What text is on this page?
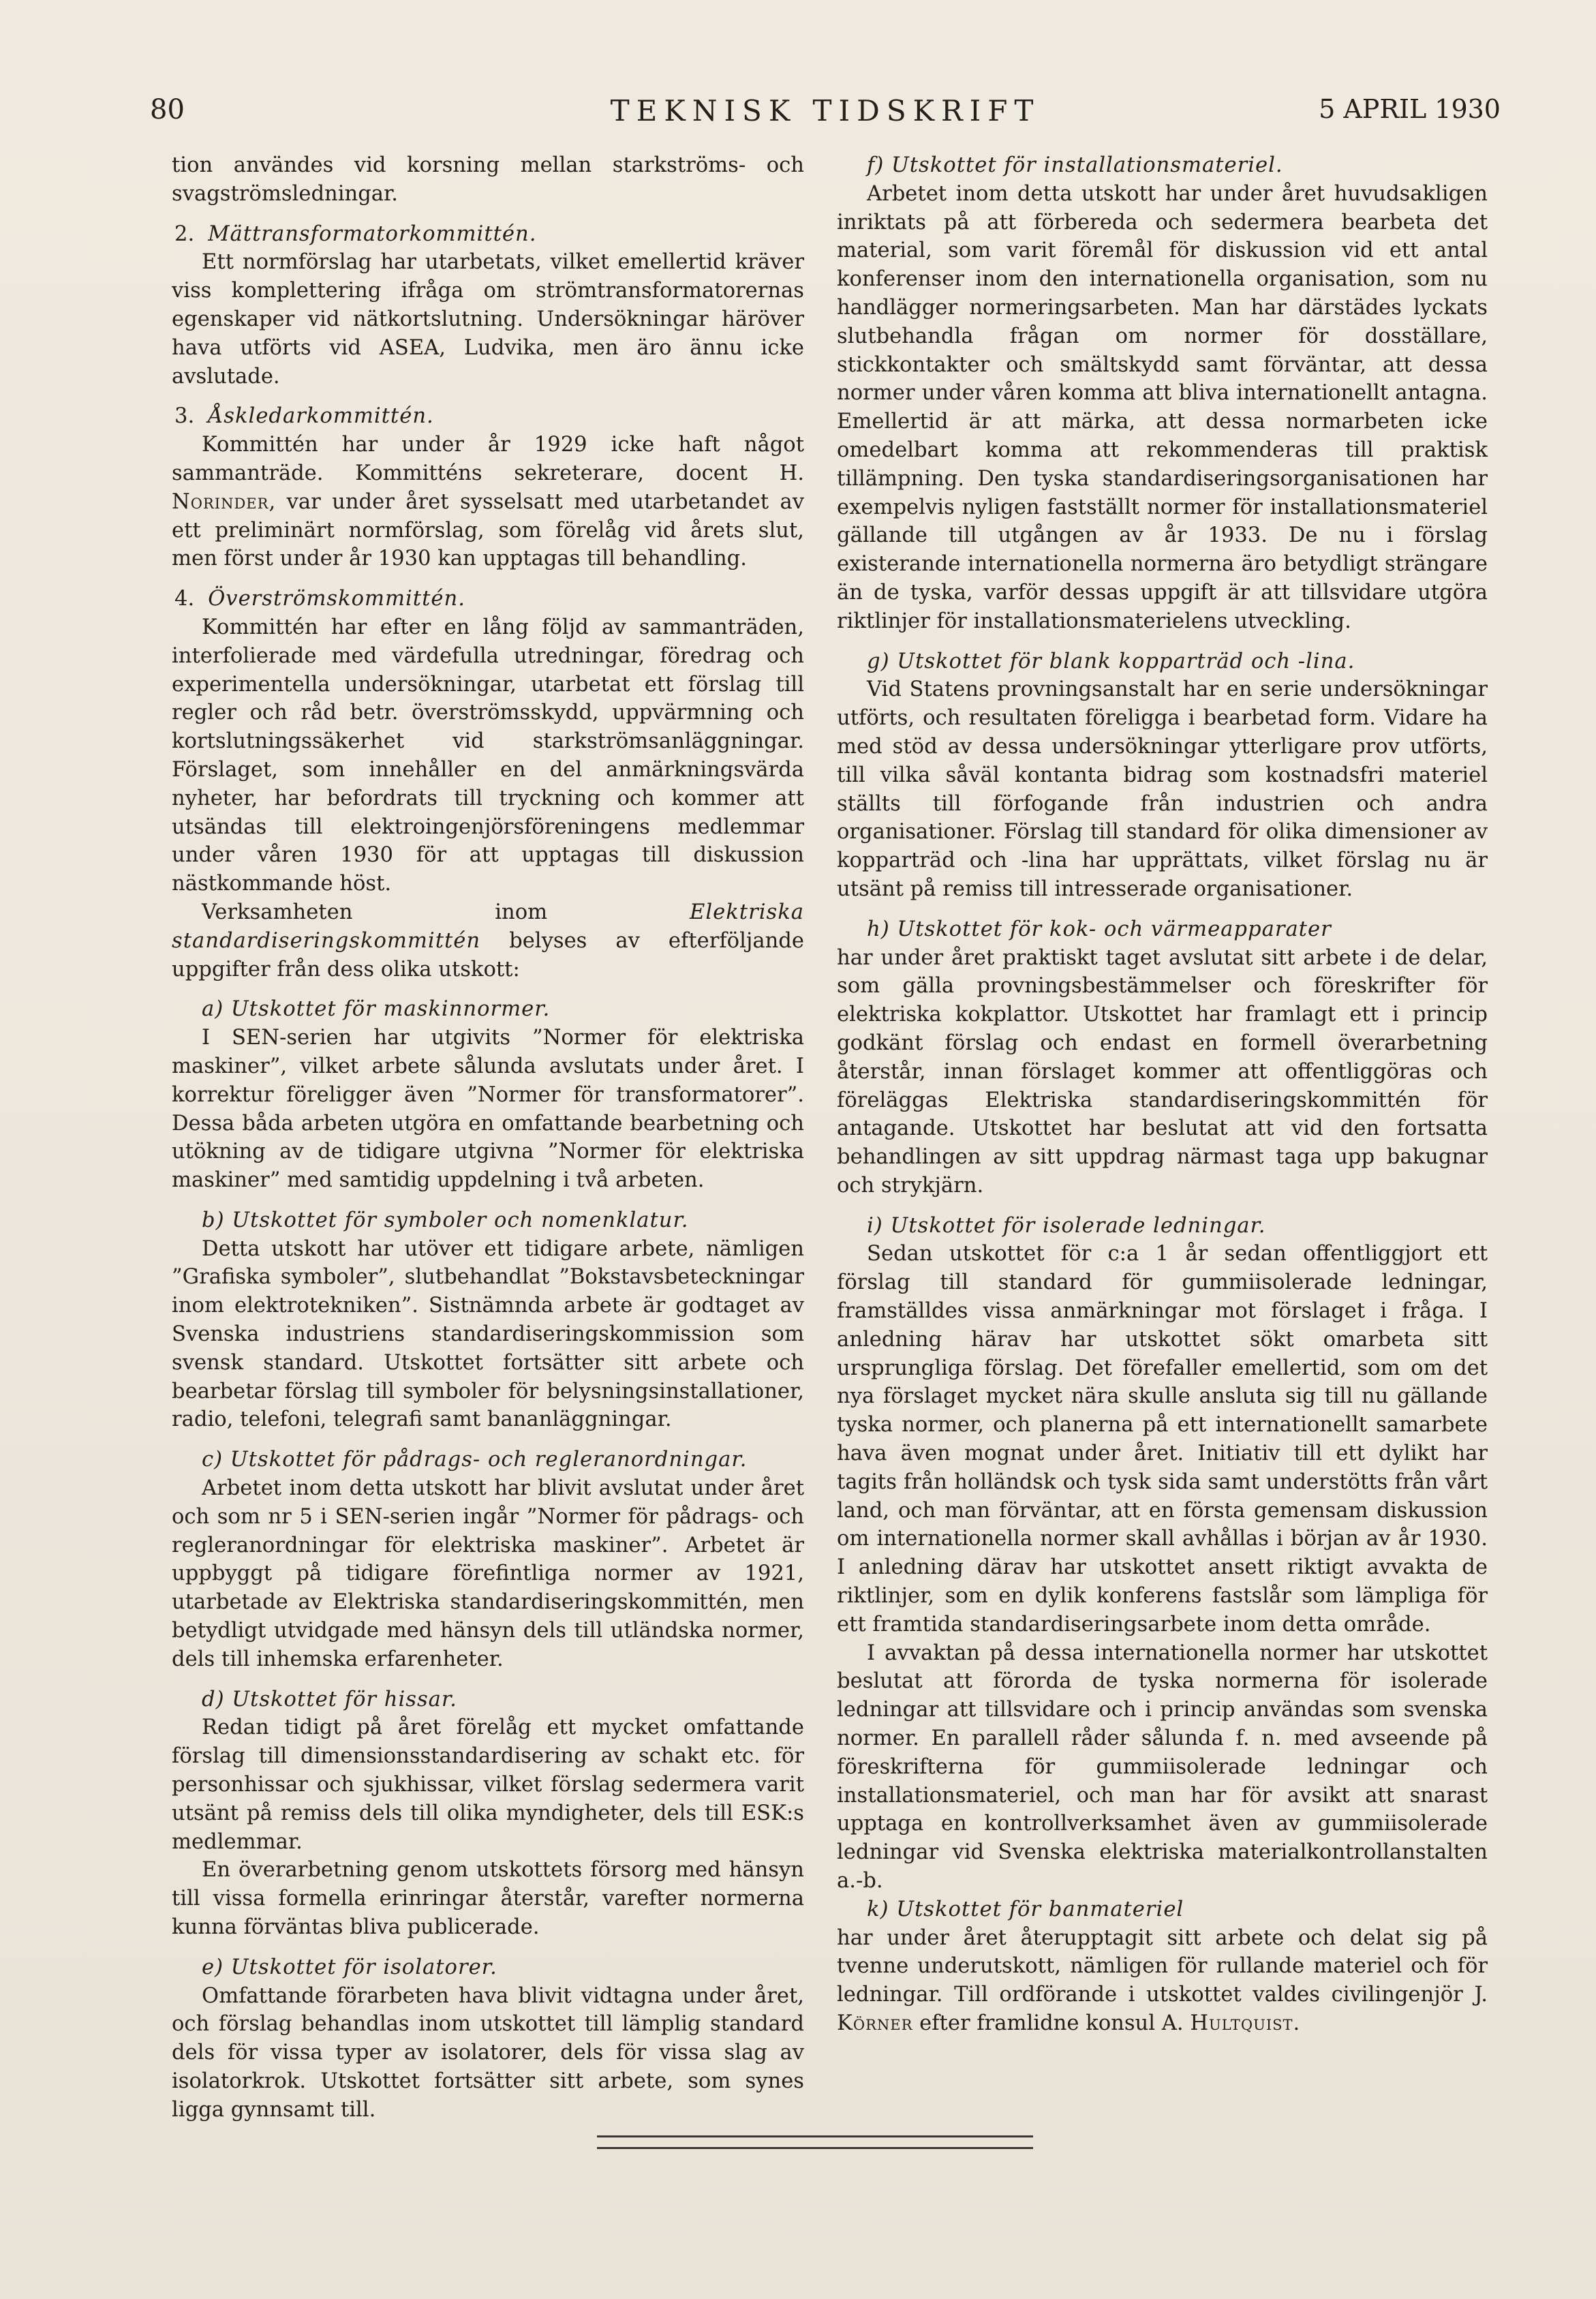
80	TEKNISK TIDSKRIFT	5 APRIL 1930

tion användes vid korsning mellan starkströms- och svagströmsledningar.

2. Mättransformatorkommittén.

Ett normförslag har utarbetats, vilket emellertid kräver viss komplettering ifråga om strömtransformatorernas egenskaper vid nätkortslutning. Undersökningar häröver hava utförts vid ASEA, Ludvika, men äro ännu icke avslutade.

3. Åskledarkommittén.

Kommittén har under år 1929 icke haft något sammanträde. Kommitténs sekreterare, docent H. Norinder, var under året sysselsatt med utarbetandet av ett preliminärt normförslag, som förelåg vid årets slut, men först under år 1930 kan upptagas till behandling.

4. Överströmskommittén.

Kommittén har efter en lång följd av sammanträden, interfolierade med värdefulla utredningar, föredrag och experimentella undersökningar, utarbetat ett förslag till regler och råd betr. överströmsskydd, uppvärmning och kortslutningssäkerhet vid starkströmsanläggningar. Förslaget, som innehåller en del anmärkningsvärda nyheter, har befordrats till tryckning och kommer att utsändas till elektroingenjörsföreningens medlemmar under våren 1930 för att upptagas till diskussion nästkommande höst.

Verksamheten inom Elektriska standardiseringskommittén belyses av efterföljande uppgifter från dess olika utskott:

a) Utskottet för maskinnormer.

I SEN-serien har utgivits ”Normer för elektriska maskiner”, vilket arbete sålunda avslutats under året. I korrektur föreligger även ”Normer för transformatorer”. Dessa båda arbeten utgöra en omfattande bearbetning och utökning av de tidigare utgivna ”Normer för elektriska maskiner” med samtidig uppdelning i två arbeten.

b) Utskottet för symboler och nomenklatur.

Detta utskott har utöver ett tidigare arbete, nämligen ”Grafiska symboler”, slutbehandlat ”Bokstavsbeteckningar inom elektrotekniken”. Sistnämnda arbete är godtaget av Svenska industriens standardiseringskommission som svensk standard. Utskottet fortsätter sitt arbete och bearbetar förslag till symboler för belysningsinstallationer, radio, telefoni, telegrafi samt bananläggningar.

c) Utskottet för pådrags- och regleranordningar.

Arbetet inom detta utskott har blivit avslutat under året och som nr 5 i SEN-serien ingår ”Normer för pådrags- och regleranordningar för elektriska maskiner”. Arbetet är uppbyggt på tidigare förefintliga normer av 1921, utarbetade av Elektriska standardiseringskommittén, men betydligt utvidgade med hänsyn dels till utländska normer, dels till inhemska erfarenheter.

d) Utskottet för hissar.

Redan tidigt på året förelåg ett mycket omfattande förslag till dimensionsstandardisering av schakt etc. för personhissar och sjukhissar, vilket förslag sedermera varit utsänt på remiss dels till olika myndigheter, dels till ESK:s medlemmar.

En överarbetning genom utskottets försorg med hänsyn till vissa formella erinringar återstår, varefter normerna kunna förväntas bliva publicerade.

e) Utskottet för isolatorer.

Omfattande förarbeten hava blivit vidtagna under året, och förslag behandlas inom utskottet till lämplig standard dels för vissa typer av isolatorer, dels för vissa slag av isolatorkrok. Utskottet fortsätter sitt arbete, som synes ligga gynnsamt till.

f) Utskottet för installationsmateriel.

Arbetet inom detta utskott har under året huvudsakligen inriktats på att förbereda och sedermera bearbeta det material, som varit föremål för diskussion vid ett antal konferenser inom den internationella organisation, som nu handlägger normeringsarbeten. Man har därstädes lyckats slutbehandla frågan om normer för dosställare, stickkontakter och smältskydd samt förväntar, att dessa normer under våren komma att bliva internationellt antagna. Emellertid är att märka, att dessa normarbeten icke omedelbart komma att rekommenderas till praktisk tillämpning. Den tyska standardiseringsorganisationen har exempelvis nyligen fastställt normer för installationsmateriel gällande till utgången av år 1933. De nu i förslag existerande internationella normerna äro betydligt strängare än de tyska, varför dessas uppgift är att tillsvidare utgöra riktlinjer för installationsmaterielens utveckling.

g) Utskottet för blank kopparträd och -lina.

Vid Statens provningsanstalt har en serie undersökningar utförts, och resultaten föreligga i bearbetad form. Vidare ha med stöd av dessa undersökningar ytterligare prov utförts, till vilka såväl kontanta bidrag som kostnadsfri materiel ställts till förfogande från industrien och andra organisationer. Förslag till standard för olika dimensioner av kopparträd och -lina har upprättats, vilket förslag nu är utsänt på remiss till intresserade organisationer.

h) Utskottet för kok- och värmeapparater

har under året praktiskt taget avslutat sitt arbete i de delar, som gälla provningsbestämmelser och föreskrifter för elektriska kokplattor. Utskottet har framlagt ett i princip godkänt förslag och endast en formell överarbetning återstår, innan förslaget kommer att offentliggöras och föreläggas Elektriska standardiseringskommittén för antagande. Utskottet har beslutat att vid den fortsatta behandlingen av sitt uppdrag närmast taga upp bakugnar och strykjärn.

i) Utskottet för isolerade ledningar.

Sedan utskottet för c:a 1 år sedan offentliggjort ett förslag till standard för gummiisolerade ledningar, framställdes vissa anmärkningar mot förslaget i fråga. I anledning härav har utskottet sökt omarbeta sitt ursprungliga förslag. Det förefaller emellertid, som om det nya förslaget mycket nära skulle ansluta sig till nu gällande tyska normer, och planerna på ett internationellt samarbete hava även mognat under året. Initiativ till ett dylikt har tagits från holländsk och tysk sida samt understötts från vårt land, och man förväntar, att en första gemensam diskussion om internationella normer skall avhållas i början av år 1930. I anledning därav har utskottet ansett riktigt avvakta de riktlinjer, som en dylik konferens fastslår som lämpliga för ett framtida standardiseringsarbete inom detta område.

I avvaktan på dessa internationella normer har utskottet beslutat att förorda de tyska normerna för isolerade ledningar att tillsvidare och i princip användas som svenska normer. En parallell råder sålunda f. n. med avseende på föreskrifterna för gummiisolerade ledningar och installationsmateriel, och man har för avsikt att snarast upptaga en kontrollverksamhet även av gummiisolerade ledningar vid Svenska elektriska materialkontrollanstalten a.-b.

k) Utskottet för banmateriel

har under året återupptagit sitt arbete och delat sig på tvenne underutskott, nämligen för rullande materiel och för ledningar. Till ordförande i utskottet valdes civilingenjör J. Körner efter framlidne konsul A. Hultquist.
